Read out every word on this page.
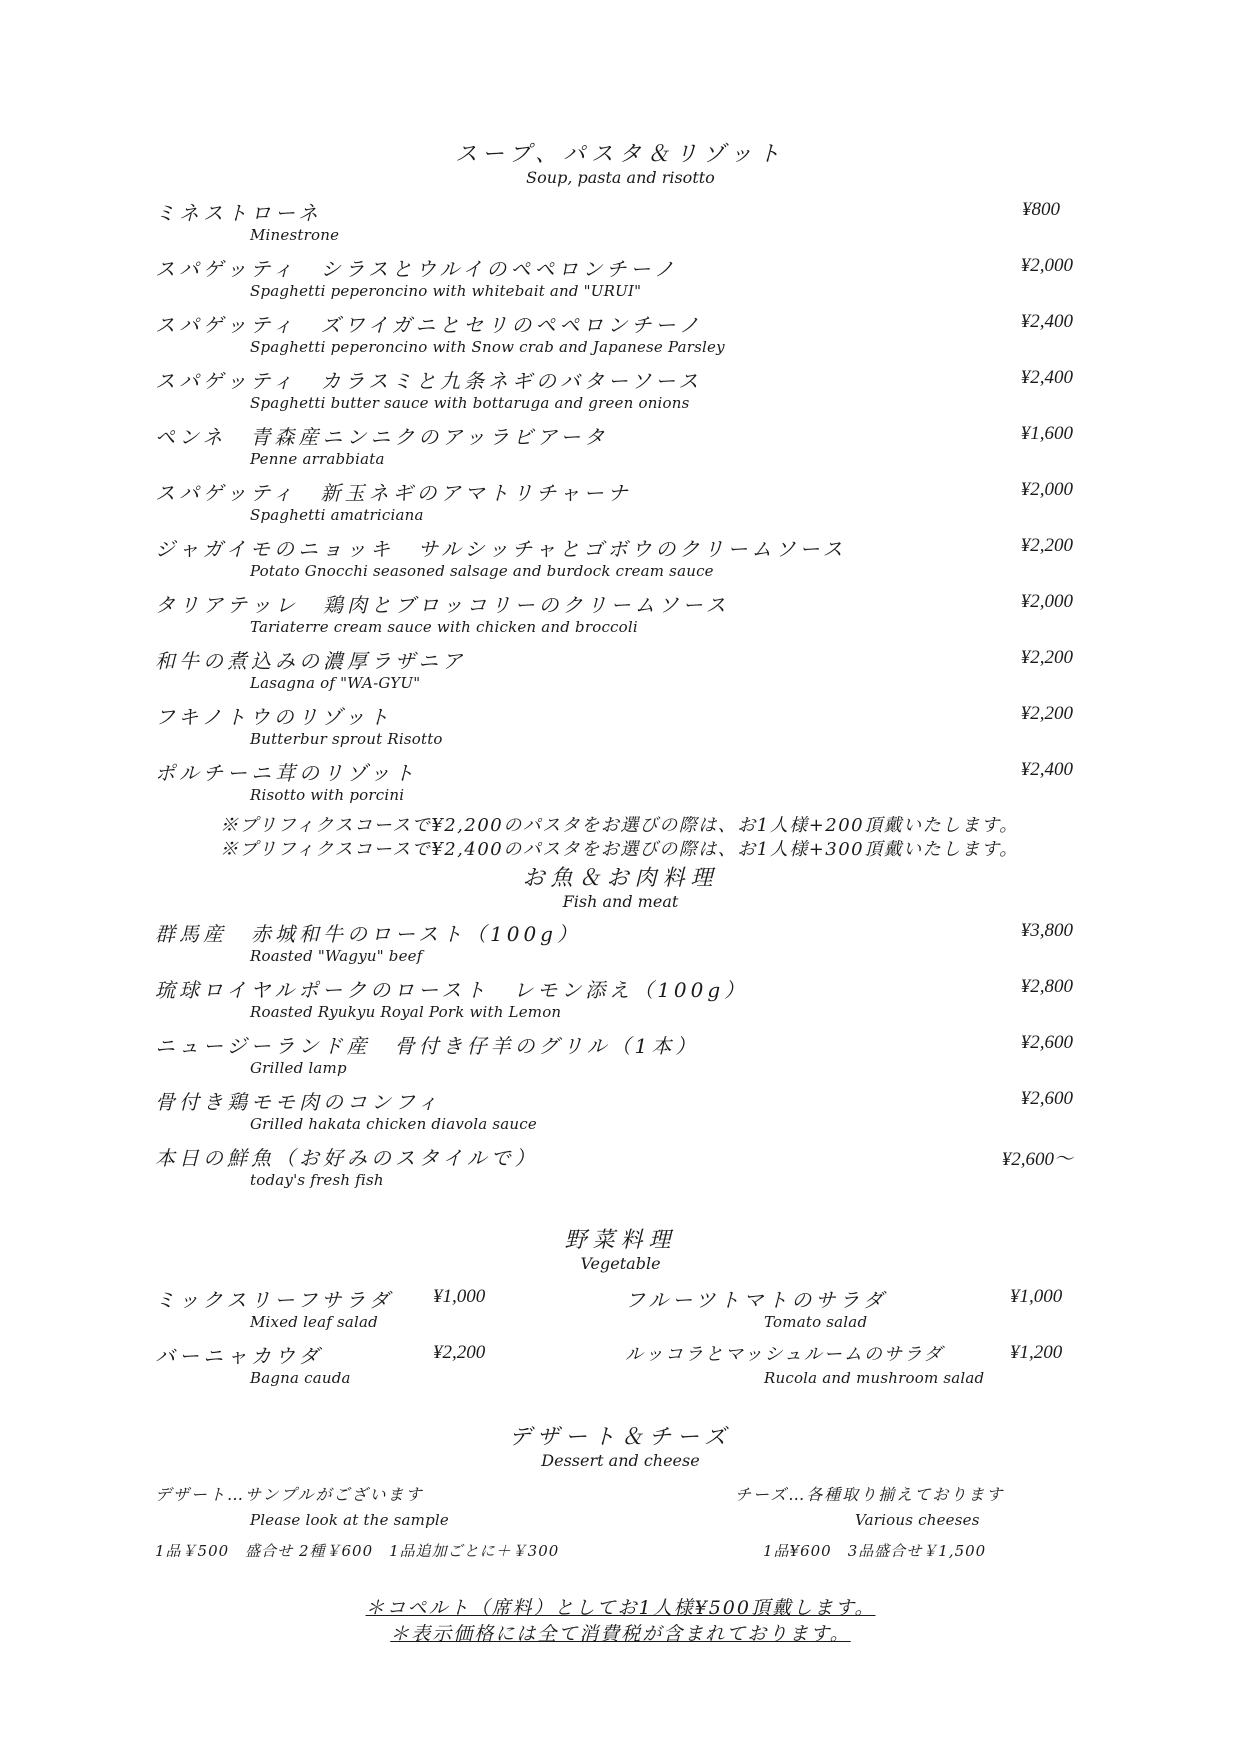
スープ、パスタ＆リゾット
Soup, pasta and risotto
ミネストローネ
Minestrone
¥800
スパゲッティ　シラスとウルイのペペロンチーノ
Spaghetti peperoncino with whitebait and "URUI"
¥2,000
スパゲッティ　ズワイガニとセリのペペロンチーノ
Spaghetti peperoncino with Snow crab and Japanese Parsley
¥2,400
スパゲッティ　カラスミと九条ネギのバターソース
Spaghetti butter sauce with bottaruga and green onions
¥2,400
ペンネ　青森産ニンニクのアッラビアータ
Penne arrabbiata
¥1,600
スパゲッティ　新玉ネギのアマトリチャーナ
Spaghetti amatriciana
¥2,000
ジャガイモのニョッキ　サルシッチャとゴボウのクリームソース
Potato Gnocchi seasoned salsage and burdock cream sauce
¥2,200
タリアテッレ　鶏肉とブロッコリーのクリームソース
Tariaterre cream sauce with chicken and broccoli
¥2,000
和牛の煮込みの濃厚ラザニア
Lasagna of "WA-GYU"
¥2,200
フキノトウのリゾット
Butterbur sprout Risotto
¥2,200
ポルチーニ茸のリゾット
Risotto with porcini
¥2,400
※プリフィクスコースで¥2,200のパスタをお選びの際は、お1人様+200頂戴いたします。
※プリフィクスコースで¥2,400のパスタをお選びの際は、お1人様+300頂戴いたします。
お魚＆お肉料理
Fish and meat
群馬産　赤城和牛のロースト（100g）
Roasted "Wagyu" beef
¥3,800
琉球ロイヤルポークのロースト　レモン添え（100g）
Roasted Ryukyu Royal Pork with Lemon
¥2,800
ニュージーランド産　骨付き仔羊のグリル（1本）
Grilled lamp
¥2,600
骨付き鶏モモ肉のコンフィ
Grilled hakata chicken diavola sauce
¥2,600
本日の鮮魚（お好みのスタイルで）
today's fresh fish
¥2,600～
野菜料理
Vegetable
ミックスリーフサラダ ¥1,000
Mixed leaf salad
フルーツトマトのサラダ	¥1,000
Tomato salad
バーニャカウダ	¥2,200
Bagna cauda
ルッコラとマッシュルームのサラダ	¥1,200
Rucola and mushroom salad
デザート＆チーズ
Dessert and cheese
デザート…サンプルがございます
Please look at the sample
1品￥500　盛合せ 2種￥600　1品追加ごとに＋￥300
チーズ…各種取り揃えております
Various cheeses
1品¥600　3品盛合せ￥1,500
＊コペルト（席料）としてお1人様¥500頂戴します。
＊表示価格には全て消費税が含まれております。
